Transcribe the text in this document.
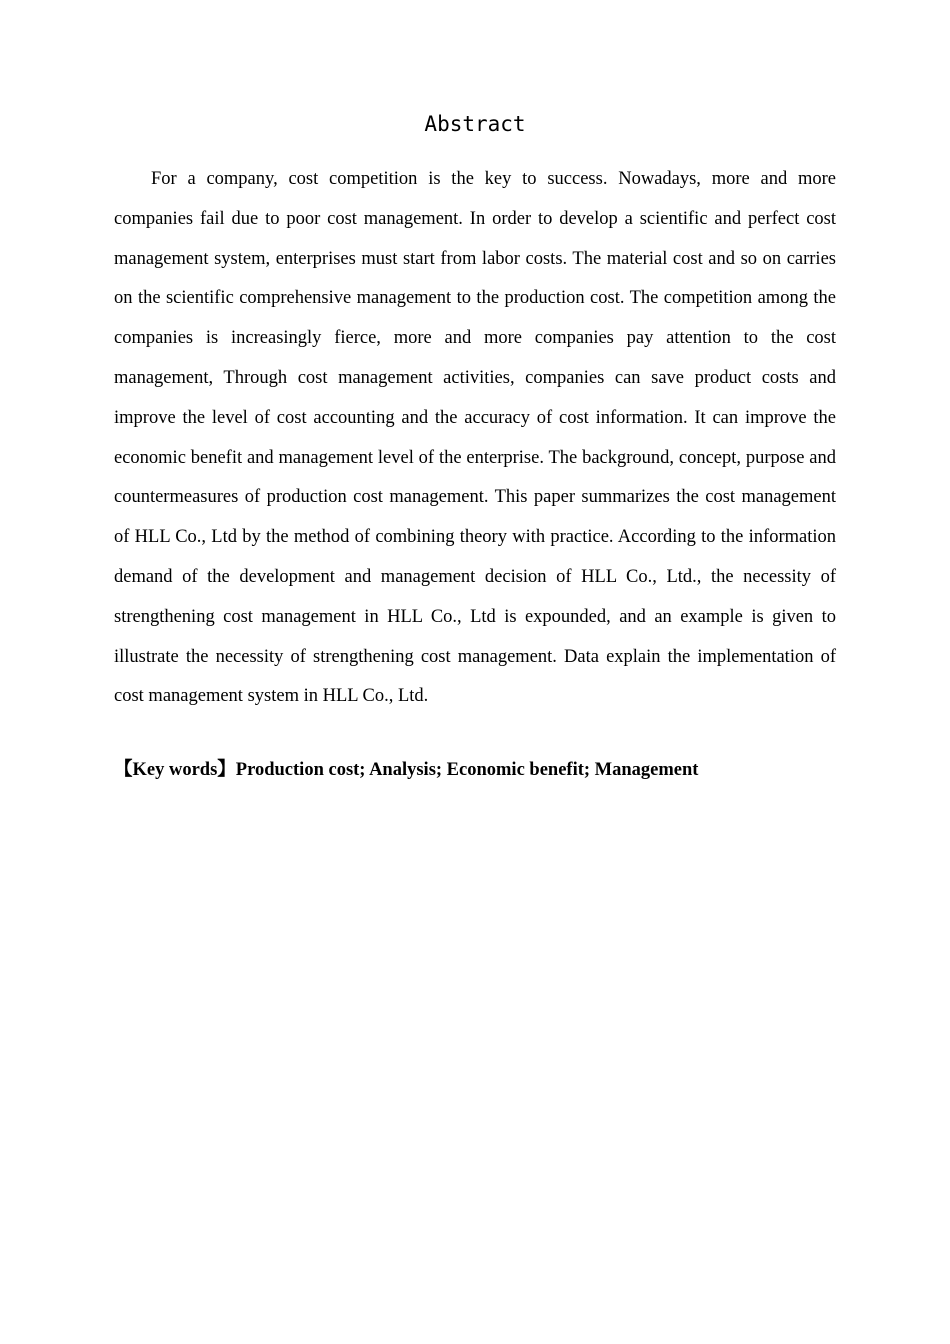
Abstract

For a company, cost competition is the key to success. Nowadays, more and more companies fail due to poor cost management. In order to develop a scientific and perfect cost management system, enterprises must start from labor costs. The material cost and so on carries on the scientific comprehensive management to the production cost. The competition among the companies is increasingly fierce, more and more companies pay attention to the cost management, Through cost management activities, companies can save product costs and improve the level of cost accounting and the accuracy of cost information. It can improve the economic benefit and management level of the enterprise. The background, concept, purpose and countermeasures of production cost management. This paper summarizes the cost management of HLL Co., Ltd by the method of combining theory with practice. According to the information demand of the development and management decision of HLL Co., Ltd., the necessity of strengthening cost management in HLL Co., Ltd is expounded, and an example is given to illustrate the necessity of strengthening cost management. Data explain the implementation of cost management system in HLL Co., Ltd.

【Key words】Production cost; Analysis; Economic benefit; Management
